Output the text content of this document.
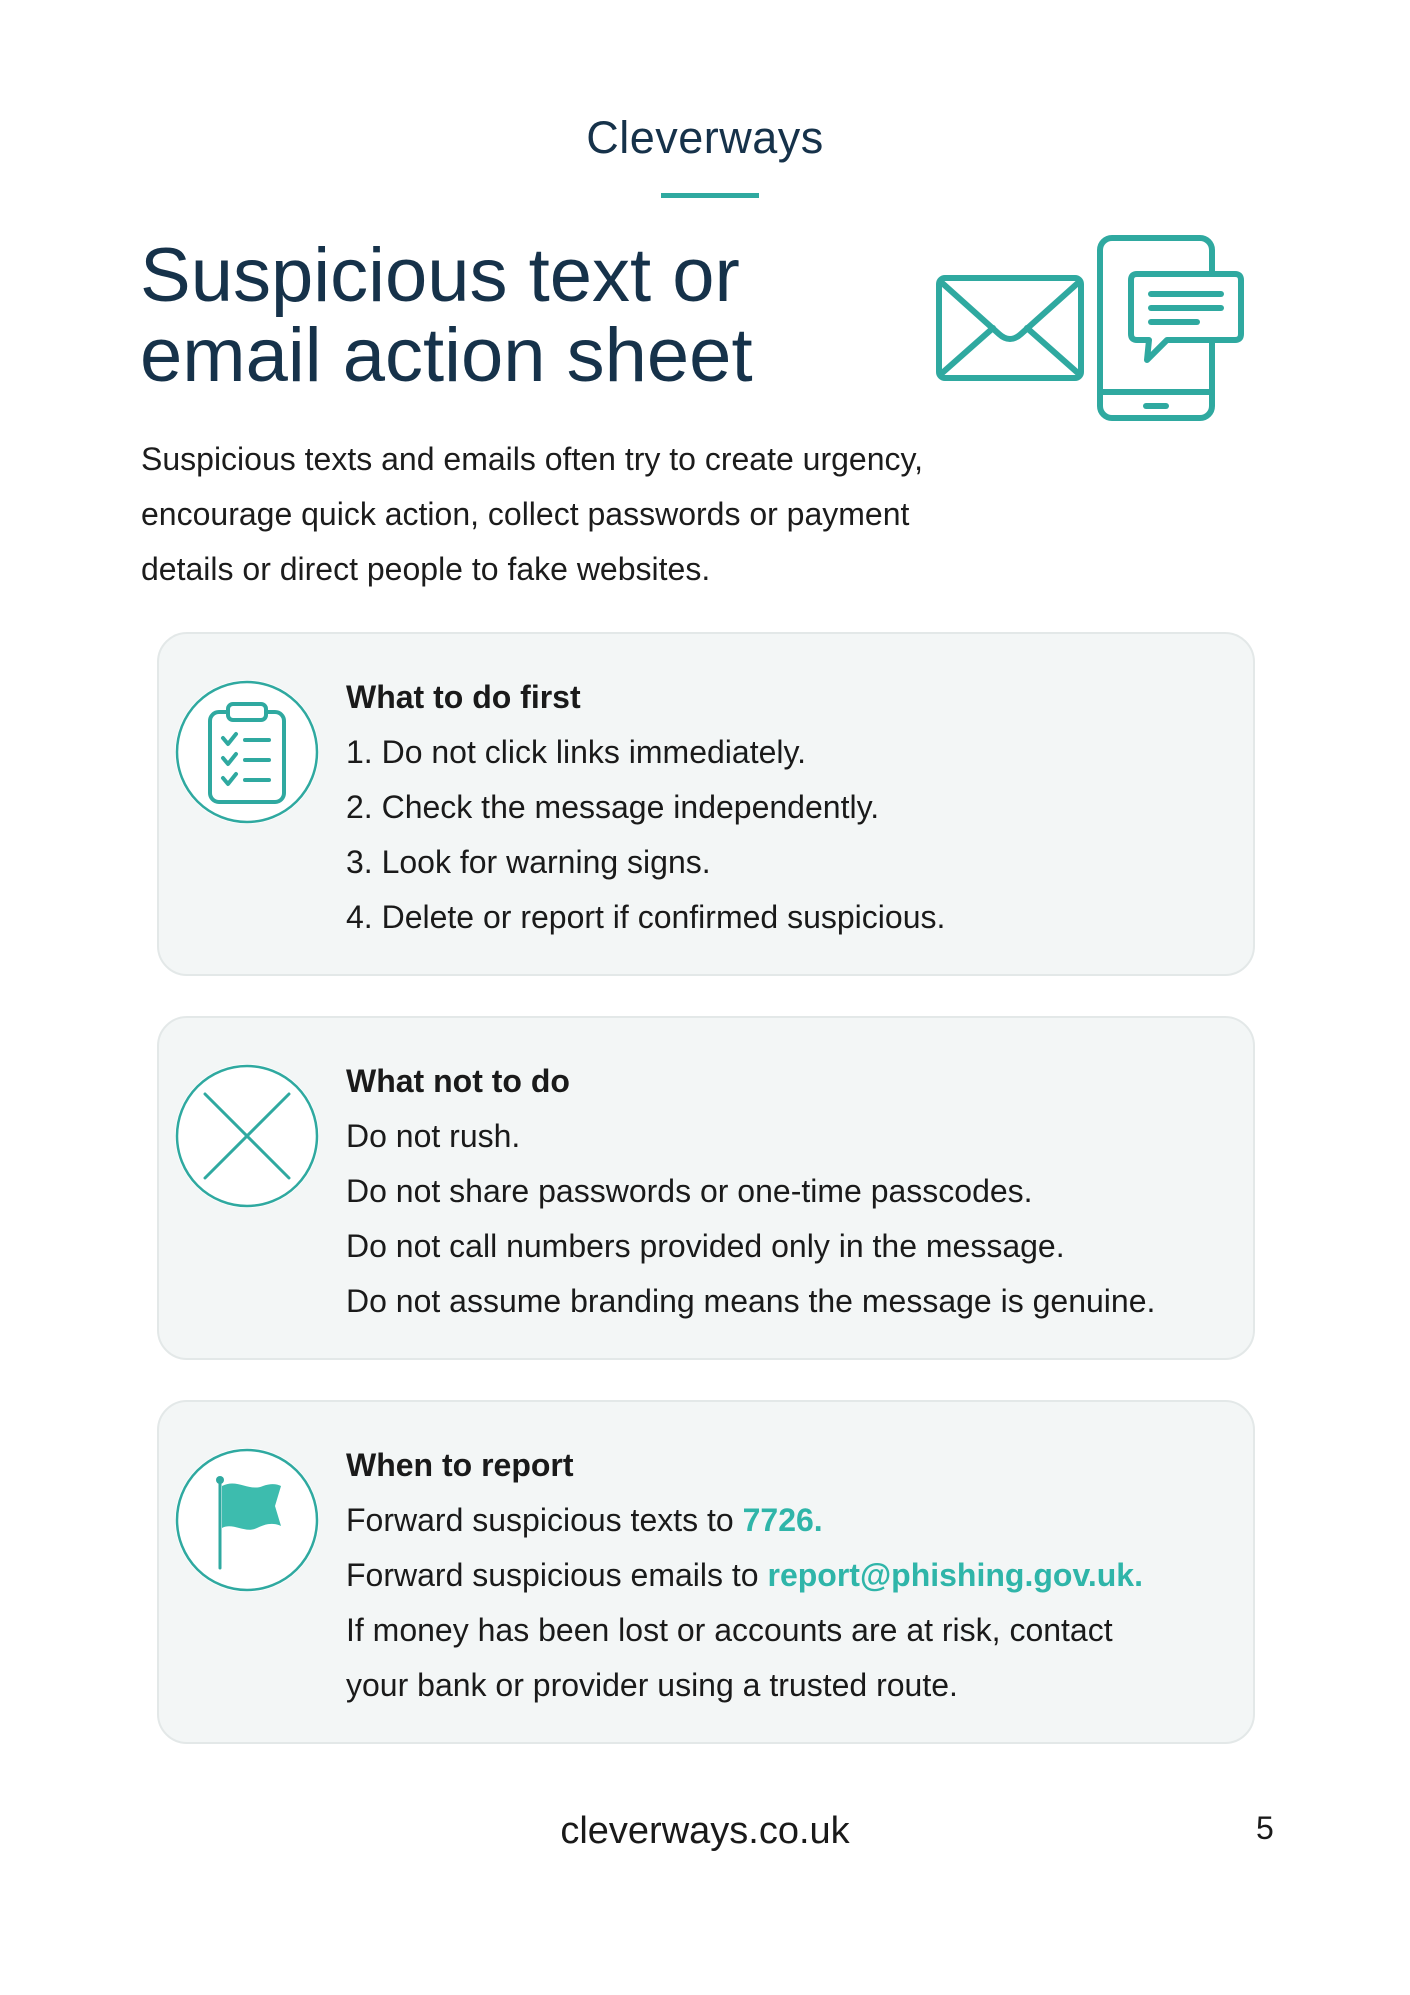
Cleverways
Suspicious text or
email action sheet
Suspicious texts and emails often try to create urgency,
encourage quick action, collect passwords or payment
details or direct people to fake websites.
What to do first
1. Do not click links immediately.
2. Check the message independently.
3. Look for warning signs.
4. Delete or report if confirmed suspicious.
What not to do
Do not rush.
Do not share passwords or one-time passcodes.
Do not call numbers provided only in the message.
Do not assume branding means the message is genuine.
When to report
Forward suspicious texts to 7726.
Forward suspicious emails to report@phishing.gov.uk.
If money has been lost or accounts are at risk, contact
your bank or provider using a trusted route.
cleverways.co.uk	5
